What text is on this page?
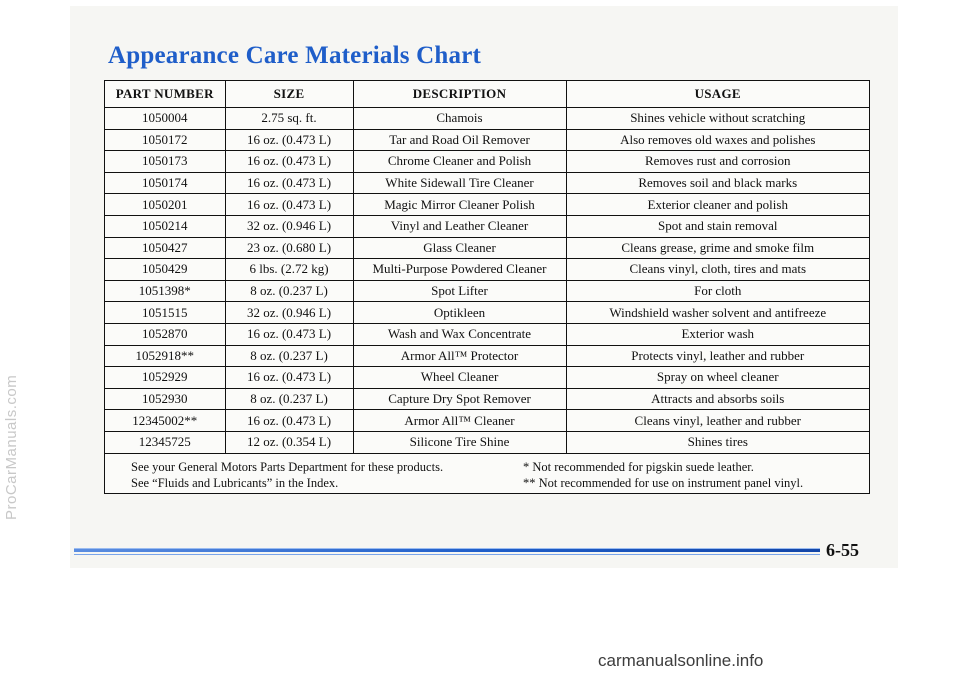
Appearance Care Materials Chart
PART NUMBER	SIZE	DESCRIPTION	USAGE
1050004	2.75 sq. ft.	Chamois	Shines vehicle without scratching
1050172	16 oz. (0.473 L)	Tar and Road Oil Remover	Also removes old waxes and polishes
1050173	16 oz. (0.473 L)	Chrome Cleaner and Polish	Removes rust and corrosion
1050174	16 oz. (0.473 L)	White Sidewall Tire Cleaner	Removes soil and black marks
1050201	16 oz. (0.473 L)	Magic Mirror Cleaner Polish	Exterior cleaner and polish
1050214	32 oz. (0.946 L)	Vinyl and Leather Cleaner	Spot and stain removal
1050427	23 oz. (0.680 L)	Glass Cleaner	Cleans grease, grime and smoke film
1050429	6 lbs. (2.72 kg)	Multi-Purpose Powdered Cleaner	Cleans vinyl, cloth, tires and mats
1051398*	8 oz. (0.237 L)	Spot Lifter	For cloth
1051515	32 oz. (0.946 L)	Optikleen	Windshield washer solvent and antifreeze
1052870	16 oz. (0.473 L)	Wash and Wax Concentrate	Exterior wash
1052918**	8 oz. (0.237 L)	Armor All™ Protector	Protects vinyl, leather and rubber
1052929	16 oz. (0.473 L)	Wheel Cleaner	Spray on wheel cleaner
1052930	8 oz. (0.237 L)	Capture Dry Spot Remover	Attracts and absorbs soils
12345002**	16 oz. (0.473 L)	Armor All™ Cleaner	Cleans vinyl, leather and rubber
12345725	12 oz. (0.354 L)	Silicone Tire Shine	Shines tires
See your General Motors Parts Department for these products.
See “Fluids and Lubricants” in the Index.
* Not recommended for pigskin suede leather.
** Not recommended for use on instrument panel vinyl.
6-55
ProCarManuals.com
carmanualsonline.info
